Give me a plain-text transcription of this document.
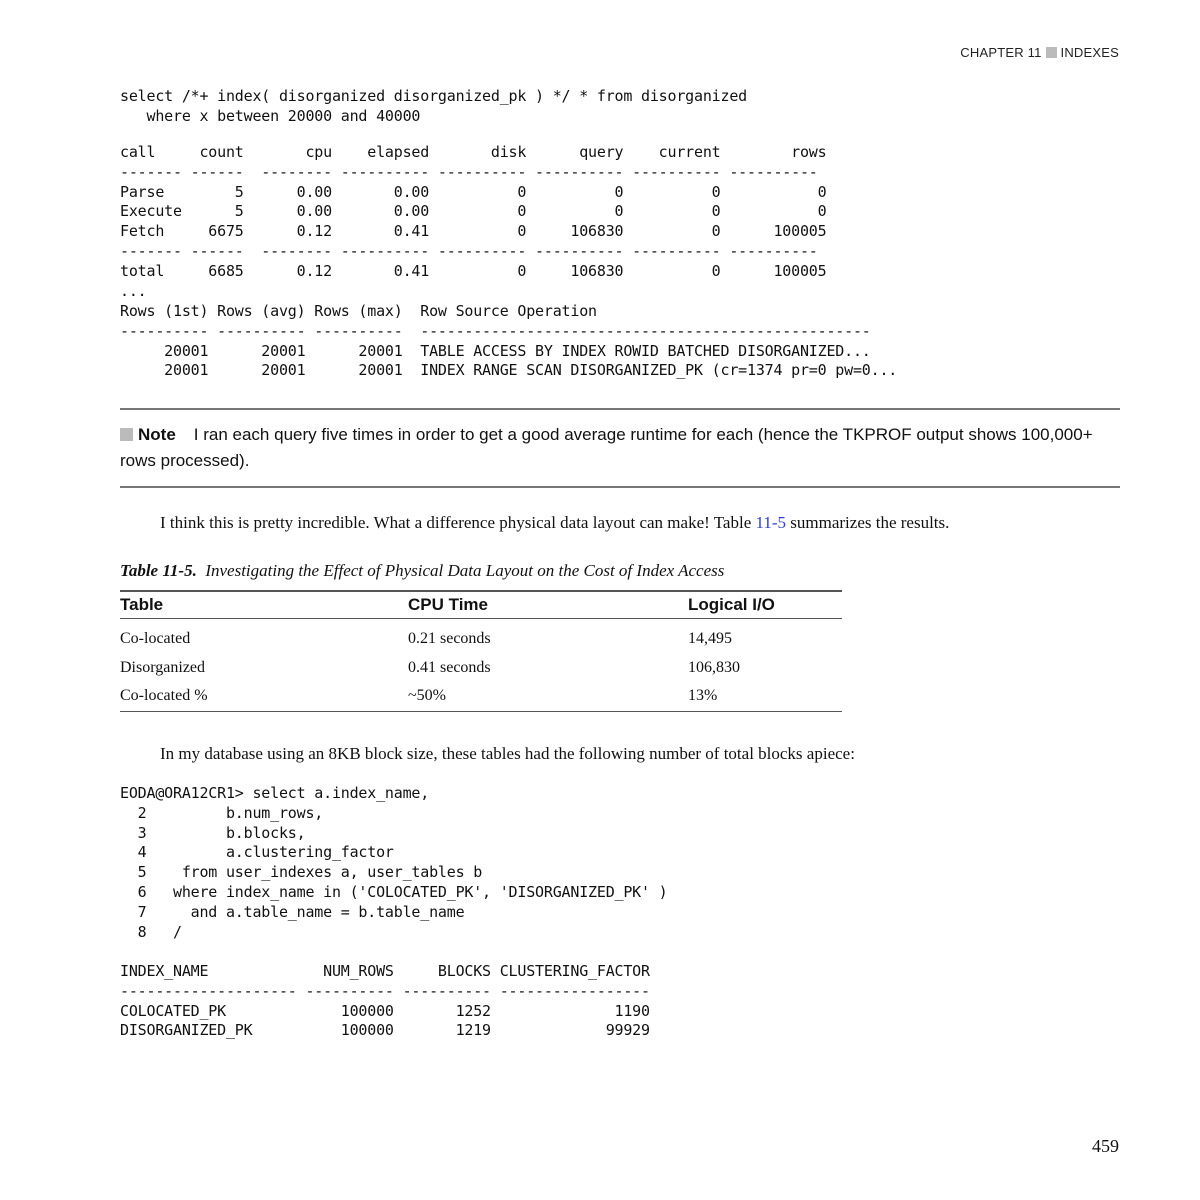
CHAPTER 11 INDEXES
select /*+ index( disorganized disorganized_pk ) */ * from disorganized
where x between 20000 and 40000
call     count       cpu    elapsed       disk      query    current        rows
------- ------  -------- ---------- ---------- ---------- ---------- ----------
Parse        5      0.00       0.00          0          0          0           0
Execute      5      0.00       0.00          0          0          0           0
Fetch     6675      0.12       0.41          0     106830          0      100005
------- ------  -------- ---------- ---------- ---------- ---------- ----------
total     6685      0.12       0.41          0     106830          0      100005
...
Rows (1st) Rows (avg) Rows (max)  Row Source Operation
---------- ---------- ----------  ---------------------------------------------------
20001      20001      20001  TABLE ACCESS BY INDEX ROWID BATCHED DISORGANIZED...
20001      20001      20001  INDEX RANGE SCAN DISORGANIZED_PK (cr=1374 pr=0 pw=0...
Note I ran each query five times in order to get a good average runtime for each (hence the TKPROF output shows 100,000+ rows processed).

I think this is pretty incredible. What a difference physical data layout can make! Table 11-5 summarizes the results.

Table 11-5. Investigating the Effect of Physical Data Layout on the Cost of Index Access
Table	CPU Time	Logical I/O
Co-located	0.21 seconds	14,495
Disorganized	0.41 seconds	106,830
Co-located %	~50%	13%

In my database using an 8KB block size, these tables had the following number of total blocks apiece:

EODA@ORA12CR1> select a.index_name,
2         b.num_rows,
3         b.blocks,
4         a.clustering_factor
5    from user_indexes a, user_tables b
6   where index_name in ('COLOCATED_PK', 'DISORGANIZED_PK' )
7     and a.table_name = b.table_name
8   /
INDEX_NAME             NUM_ROWS     BLOCKS CLUSTERING_FACTOR
-------------------- ---------- ---------- -----------------
COLOCATED_PK             100000       1252              1190
DISORGANIZED_PK          100000       1219             99929
459
